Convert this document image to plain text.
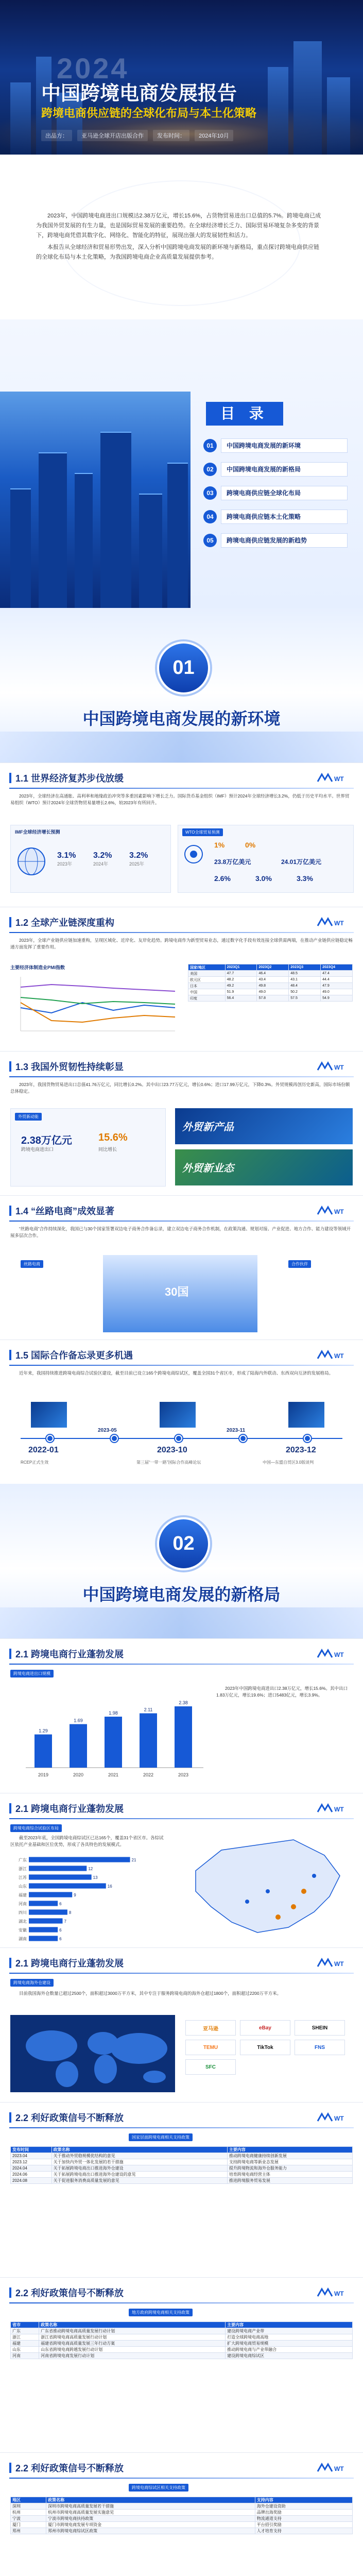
2024
中国跨境电商发展报告
跨境电商供应链的全球化布局与本土化策略
出品方：	亚马逊全球开店出版合作	发布时间：	2024年10月

2023年，中国跨境电商进出口规模达2.38万亿元，增长15.6%，占货物贸易进出口总值的5.7%。跨境电商已成为我国外贸发展的有生力量，也是国际贸易发展的重要趋势。在全球经济增长乏力、国际贸易环境复杂多变的背景下，跨境电商凭借其数字化、网络化、智能化的特征，展现出强大的发展韧性和活力。

本报告从全球经济和贸易形势出发，深入分析中国跨境电商发展的新环境与新格局，重点探讨跨境电商供应链的全球化布局与本土化策略，为我国跨境电商企业高质量发展提供参考。

目 录
01	中国跨境电商发展的新环境
02	中国跨境电商发展的新格局
03	跨境电商供应链全球化布局
04	跨境电商供应链本土化策略
05	跨境电商供应链发展的新趋势
01
中国跨境电商发展的新环境
1.1 世界经济复苏步伐放缓	WT

2023年，全球经济在高通胀、高利率和地缘政治冲突等多重因素影响下增长乏力。国际货币基金组织（IMF）预计2024年全球经济增长3.2%，仍低于历史平均水平。世界贸易组织（WTO）预计2024年全球货物贸易量增长2.6%，较2023年有所回升。

IMF全球经济增长预测
3.1%
2023年
3.2%
2024年
3.2%
2025年
WTO全球贸易预测
1%	0%
23.8万亿美元	24.01万亿美元
2.6%	3.0%	3.3%
1.2 全球产业链深度重构	WT

2023年，全球产业链供应链加速重构，呈现区域化、近岸化、友岸化趋势。跨境电商作为新型贸易业态，通过数字化手段有效连接全球供需两端，在推动产业链供应链稳定畅通方面发挥了重要作用。

主要经济体制造业PMI指数	国家/地区	2023Q1	2023Q2	2023Q3	2023Q4
美国	47.7	46.4	48.5	47.4
欧元区	48.2	43.4	43.1	44.4
日本	49.2	49.8	48.4	47.9
中国	51.9	49.0	50.2	49.0
印度	56.4	57.8	57.5	54.9
1.3 我国外贸韧性持续彰显	WT

2023年，我国货物贸易进出口总值41.76万亿元，同比增长0.2%。其中出口23.77万亿元，增长0.6%；进口17.99万亿元，下降0.3%。外贸规模再创历史新高，国际市场份额总体稳定。

外贸新动能
2.38万亿元
跨境电商进出口
15.6%
同比增长
外贸新产品
外贸新业态
1.4 “丝路电商”成效显著	WT

“丝路电商”合作持续深化，我国已与30个国家签署双边电子商务合作备忘录，建立双边电子商务合作机制，在政策沟通、规划对接、产业促进、地方合作、能力建设等领域开展多层次合作。

丝路电商	合作伙伴
30国
1.5 国际合作备忘录更多机遇	WT

近年来，我国持续推进跨境电商综合试验区建设，截至目前已设立165个跨境电商综试区，覆盖全国31个省区市，形成了陆海内外联动、东西双向互济的发展格局。

2022-01
2023-05
2023-10
2023-11
2023-12
RCEP正式生效	第三届“一带一路”国际合作高峰论坛	中国—东盟自贸区3.0版谈判
02
中国跨境电商发展的新格局
2.1 跨境电商行业蓬勃发展	WT
跨境电商进出口规模
2019
1.29
2020
1.69
2021
1.98
2022
2.11
2023
2.38

2023年中国跨境电商进出口2.38万亿元，增长15.6%。其中出口1.83万亿元，增长19.6%；进口5483亿元，增长3.9%。

2.1 跨境电商行业蓬勃发展	WT
跨境电商综合试验区布局

截至2023年底，全国跨境电商综试区已达165个，覆盖31个省区市。各综试区依托产业基础和区位优势，形成了各具特色的发展模式。

广东	21
浙江	12
江苏	13
山东	16
福建	9
河南	6
四川	8
湖北	7
安徽	6
湖南	6
2.1 跨境电商行业蓬勃发展	WT
跨境电商海外仓建设

目前我国海外仓数量已超过2500个，面积超过3000万平方米，其中专注于服务跨境电商的海外仓超过1800个，面积超过2200万平方米。

亚马逊	eBay	SHEIN
TEMU	TikTok	FNS
SFC
2.2 利好政策信号不断释放	WT
国家层面跨境电商相关支持政策
发布时间	政策名称	主要内容
2023.04	关于推动外贸稳规模优结构的意见	推动跨境电商健康持续创新发展
2023.12	关于加快内外贸一体化发展的若干措施	支持跨境电商等新业态发展
2024.04	关于拓展跨境电商出口推进海外仓建设	提升跨境物流和海外仓服务能力
2024.06	关于拓展跨境电商出口推进海外仓建设的意见	培育跨境电商经营主体
2024.08	关于促进服务消费高质量发展的意见	推进跨境服务贸易发展
2.2 利好政策信号不断释放	WT
地方政府跨境电商相关支持政策
省市	政策名称	主要内容
广东	广东省推动跨境电商高质量发展行动计划	建设跨境电商产业带
浙江	浙江省跨境电商高质量发展行动计划	打造全球跨境电商高地
福建	福建省跨境电商高质量发展三年行动方案	扩大跨境电商贸易规模
山东	山东省跨境电商跨越发展行动计划	推动跨境电商与产业带融合
河南	河南省跨境电商发展行动计划	建设跨境电商综试区
2.2 利好政策信号不断释放	WT
跨境电商综试区相关支持政策
地区	政策名称	支持内容
深圳	深圳市跨境电商高质量发展若干措施	海外仓建设资助
杭州	杭州市跨境电商高质量发展实施意见	品牌出海奖励
宁波	宁波市跨境电商扶持政策	物流通道支持
厦门	厦门市跨境电商发展专项资金	平台招引奖励
郑州	郑州市跨境电商综试区政策	人才培育支持
